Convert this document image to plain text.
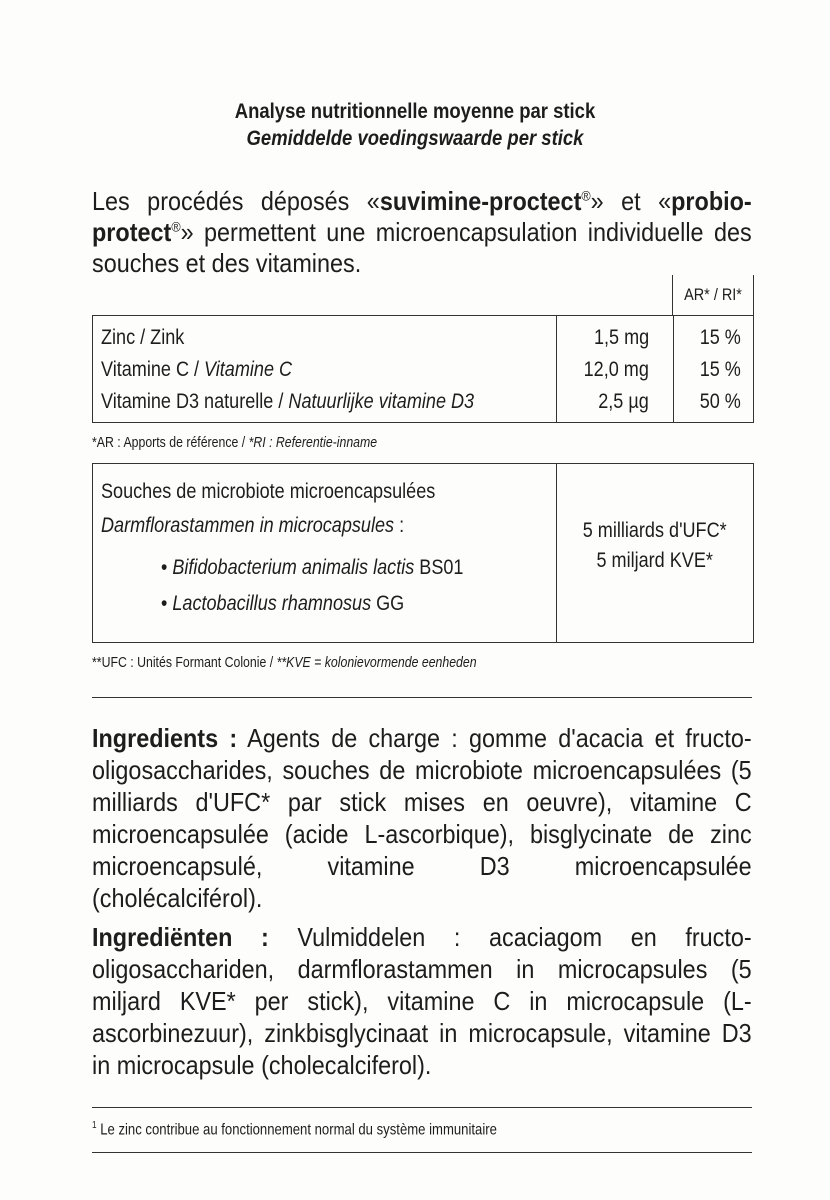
Analyse nutritionnelle moyenne par stick
Gemiddelde voedingswaarde per stick
Les procédés déposés «suvimine-proctect®» et «probio-protect®» permettent une microencapsulation individuelle des souches et des vitamines.
AR* / RI*
Zinc / Zink	1,5 mg 15 %
Vitamine C / Vitamine C	12,0 mg 15 %
Vitamine D3 naturelle / Natuurlijke vitamine D3	2,5 µg 50 %
*AR : Apports de référence / *RI : Referentie-inname
Souches de microbiote microencapsulées
Darmflorastammen in microcapsules :
• Bifidobacterium animalis lactis BS01
• Lactobacillus rhamnosus GG
5 milliards d'UFC*
5 miljard KVE*
**UFC : Unités Formant Colonie / **KVE = kolonievormende eenheden
Ingredients : Agents de charge : gomme d'acacia et fructo-oligosaccharides, souches de microbiote microencapsulées (5 milliards d'UFC* par stick mises en oeuvre), vitamine C microencapsulée (acide L-ascorbique), bisglycinate de zinc microencapsulé, vitamine D3 microencapsulée (cholécalciférol).
Ingrediënten : Vulmiddelen : acaciagom en fructo-oligosacchariden, darmflorastammen in microcapsules (5 miljard KVE* per stick), vitamine C in microcapsule (L-ascorbinezuur), zinkbisglycinaat in microcapsule, vitamine D3 in microcapsule (cholecalciferol).
$^1$ Le zinc contribue au fonctionnement normal du système immunitaire
